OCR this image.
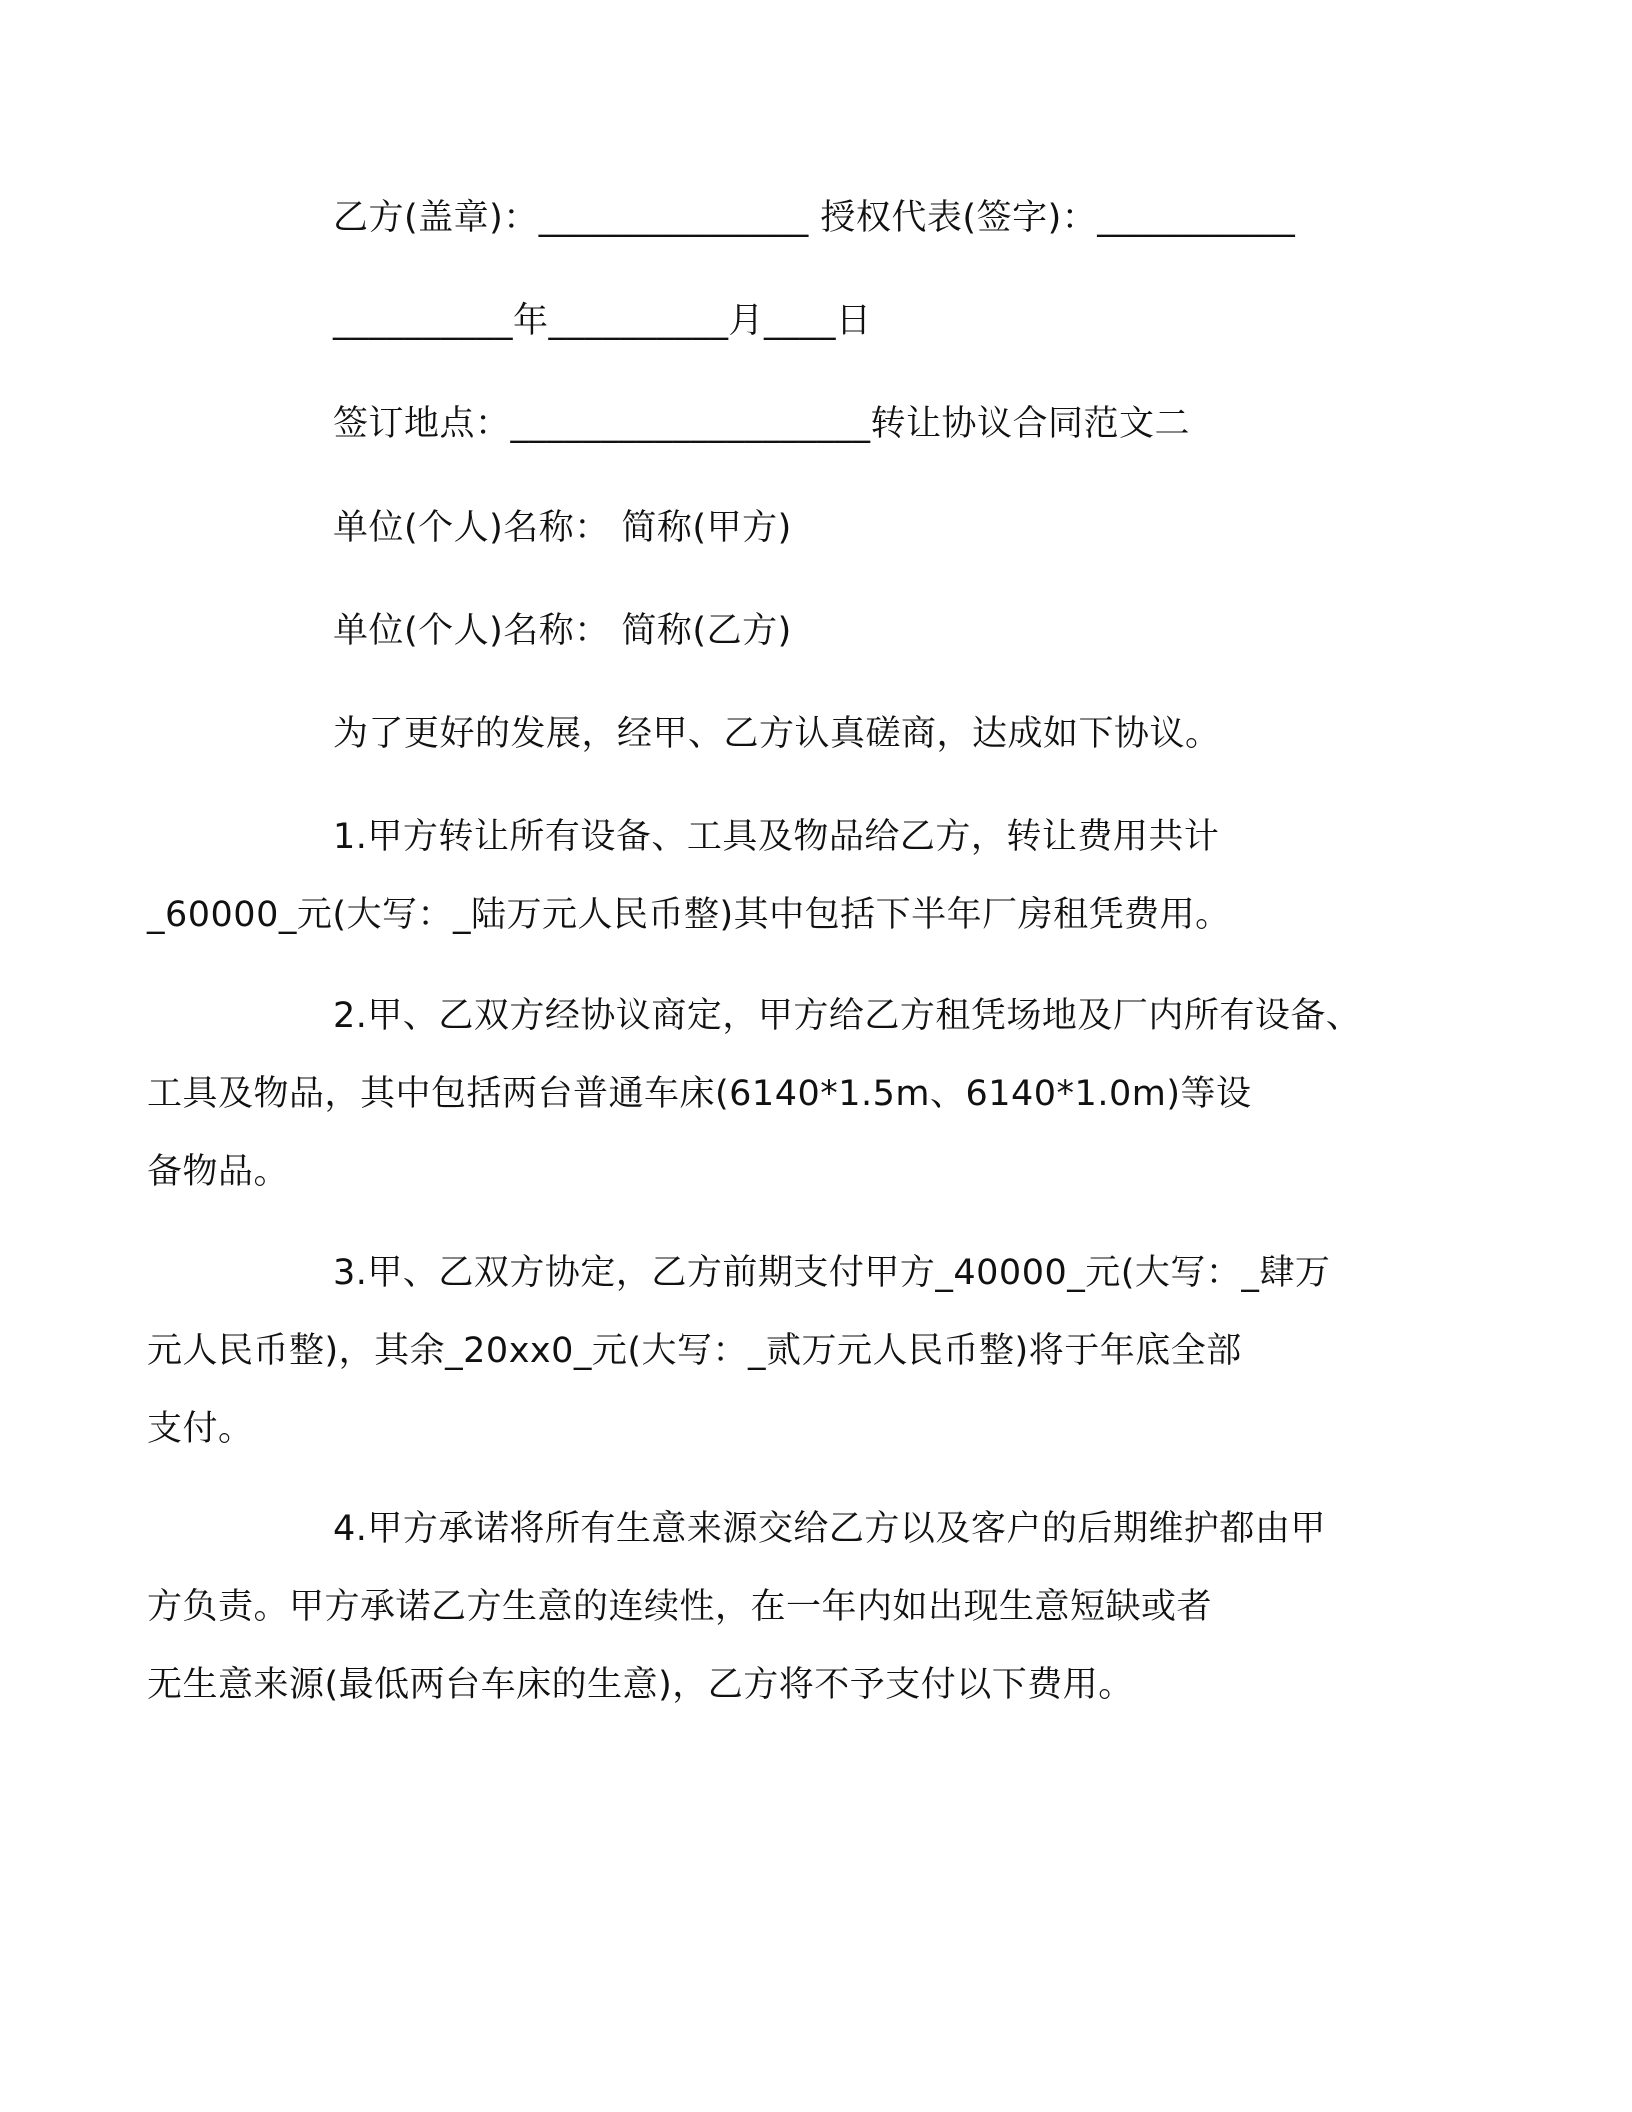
乙方(盖章)：_______________ 授权代表(签字)：___________
__________年__________月____日
签订地点：____________________转让协议合同范文二
单位(个人)名称： 简称(甲方)
单位(个人)名称： 简称(乙方)
为了更好的发展，经甲、乙方认真磋商，达成如下协议。
1.甲方转让所有设备、工具及物品给乙方，转让费用共计
_60000_元(大写：_陆万元人民币整)其中包括下半年厂房租凭费用。
2.甲、乙双方经协议商定，甲方给乙方租凭场地及厂内所有设备、
工具及物品，其中包括两台普通车床(6140*1.5m、6140*1.0m)等设
备物品。
3.甲、乙双方协定，乙方前期支付甲方_40000_元(大写：_肆万
元人民币整)，其余_20xx0_元(大写：_贰万元人民币整)将于年底全部
支付。
4.甲方承诺将所有生意来源交给乙方以及客户的后期维护都由甲
方负责。甲方承诺乙方生意的连续性，在一年内如出现生意短缺或者
无生意来源(最低两台车床的生意)，乙方将不予支付以下费用。
